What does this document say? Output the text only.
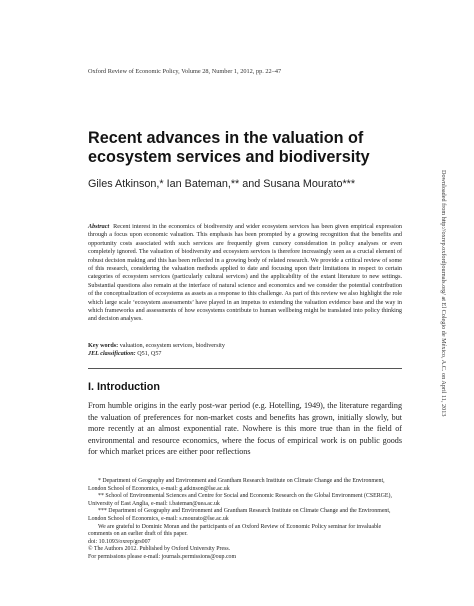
Oxford Review of Economic Policy, Volume 28, Number 1, 2012, pp. 22–47
Recent advances in the valuation of ecosystem services and biodiversity
Giles Atkinson,* Ian Bateman,** and Susana Mourato***
Abstract Recent interest in the economics of biodiversity and wider ecosystem services has been given empirical expression through a focus upon economic valuation. This emphasis has been prompted by a growing recognition that the benefits and opportunity costs associated with such services are frequently given cursory consideration in policy analyses or even completely ignored. The valuation of biodiversity and ecosystem services is therefore increasingly seen as a crucial element of robust decision making and this has been reflected in a growing body of related research. We provide a critical review of some of this research, considering the valuation methods applied to date and focusing upon their limitations in respect to certain categories of ecosystem services (particularly cultural services) and the applicability of the extant literature to new settings. Substantial questions also remain at the interface of natural science and economics and we consider the potential contribution of the conceptualization of ecosystems as assets as a response to this challenge. As part of this review we also highlight the role which large scale ‘ecosystem assessments’ have played in an impetus to extending the valuation evidence base and the way in which frameworks and assessments of how ecosystems contribute to human wellbeing might be translated into policy thinking and decision analyses.
Key words: valuation, ecosystem services, biodiversity
JEL classification: Q51, Q57
I. Introduction
From humble origins in the early post-war period (e.g. Hotelling, 1949), the literature regarding the valuation of preferences for non-market costs and benefits has grown, initially slowly, but more recently at an almost exponential rate. Nowhere is this more true than in the field of environmental and resource economics, where the focus of empirical work is on public goods for which market prices are either poor reflections

* Department of Geography and Environment and Grantham Research Institute on Climate Change and the Environment, London School of Economics, e-mail: g.atkinson@lse.ac.uk

** School of Environmental Sciences and Centre for Social and Economic Research on the Global Environment (CSERGE), University of East Anglia, e-mail: i.bateman@uea.ac.uk

*** Department of Geography and Environment and Grantham Research Institute on Climate Change and the Environment, London School of Economics, e-mail: s.mourato@lse.ac.uk

We are grateful to Dominic Moran and the participants of an Oxford Review of Economic Policy seminar for invaluable comments on an earlier draft of this paper.

doi: 10.1093/oxrep/grs007

© The Authors 2012. Published by Oxford University Press.

For permissions please e-mail: journals.permissions@oup.com

Downloaded from http://oxrep.oxfordjournals.org/ at El Colegio de México, A.C. on April 11, 2013
